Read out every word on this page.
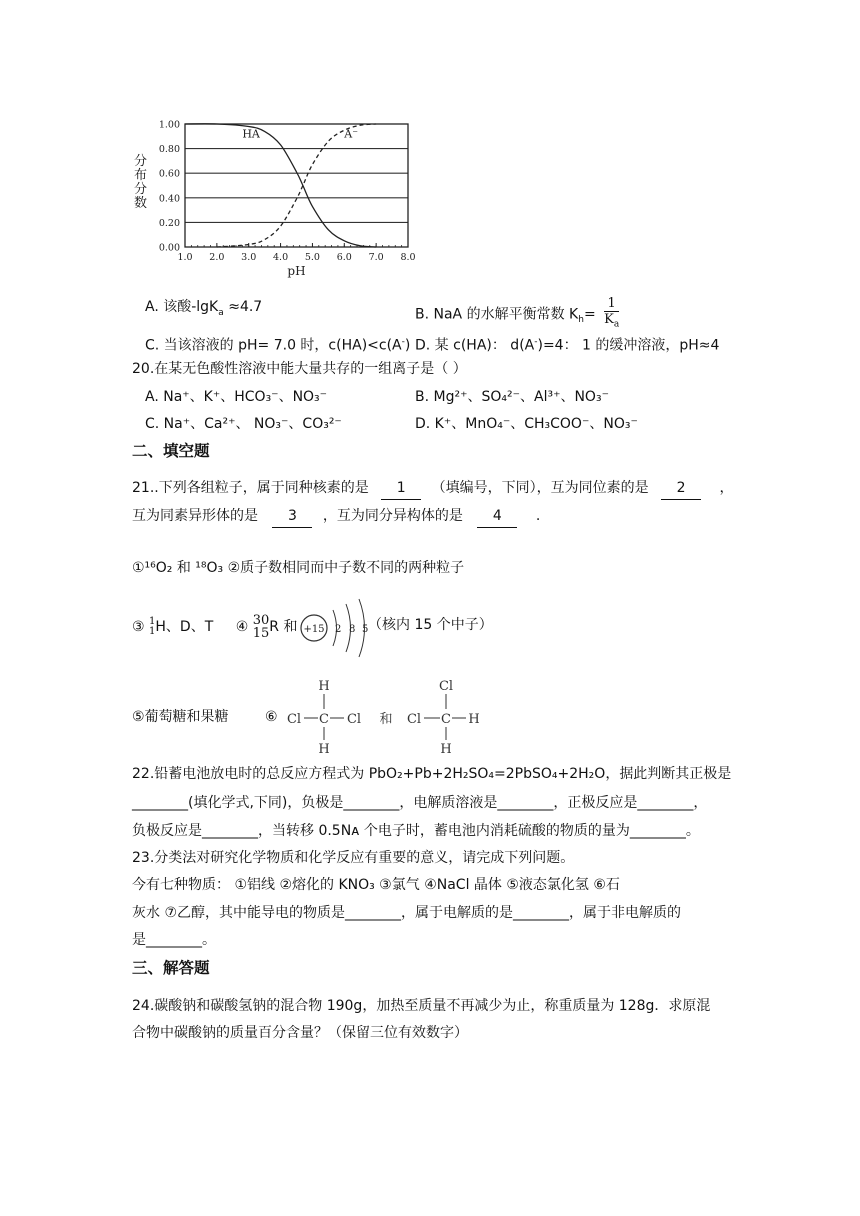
分布分数
1.00
0.80
0.60
0.40
0.20
0.00
1.0 2.0 3.0 4.0 5.0 6.0 7.0 8.0
HA	A⁻
pH
A. 该酸-lgK$_a$ ≈4.7	B. NaA 的水解平衡常数 $K_h= \frac{1}{K_a}$
C. 当该溶液的 pH= 7.0 时，c(HA)<c(A-) D. 某 c(HA)： d(A-)=4： 1 的缓冲溶液，pH≈4
20.在某无色酸性溶液中能大量共存的一组离子是（ ）
A. Na⁺、K⁺、HCO₃⁻、NO₃⁻	B. Mg²⁺、SO₄²⁻、Al³⁺、NO₃⁻
C. Na⁺、Ca²⁺、 NO₃⁻、CO₃²⁻	D. K⁺、MnO₄⁻、CH₃COO⁻、NO₃⁻
二、填空题
21..下列各组粒子，属于同种核素的是 1 （填编号，下同），互为同位素的是 2 ，
互为同素异形体的是 3 ，互为同分异构体的是 4 .
①¹⁶O₂ 和 ¹⁸O₃ ②质子数相同而中子数不同的两种粒子
③ 1
1 H、D、T ④ 30
15 R 和 +15 2 8 5 （核内 15 个中子）
⑤葡萄糖和果糖	⑥
H
Cl C Cl
H
和
Cl
Cl C H
H
22.铅蓄电池放电时的总反应方程式为 PbO₂+Pb+2H₂SO₄=2PbSO₄+2H₂O，据此判断其正极是
________(填化学式,下同)，负极是________，电解质溶液是________，正极反应是________，
负极反应是________，当转移 0.5Nᴀ 个电子时，蓄电池内消耗硫酸的物质的量为________。
23.分类法对研究化学物质和化学反应有重要的意义，请完成下列问题。
今有七种物质： ①铝线 ②熔化的 KNO₃ ③氯气 ④NaCl 晶体 ⑤液态氯化氢 ⑥石
灰水 ⑦乙醇，其中能导电的物质是________，属于电解质的是________，属于非电解质的
是________。
三、解答题
24.碳酸钠和碳酸氢钠的混合物 190g，加热至质量不再减少为止，称重质量为 128g．求原混
合物中碳酸钠的质量百分含量？（保留三位有效数字）
